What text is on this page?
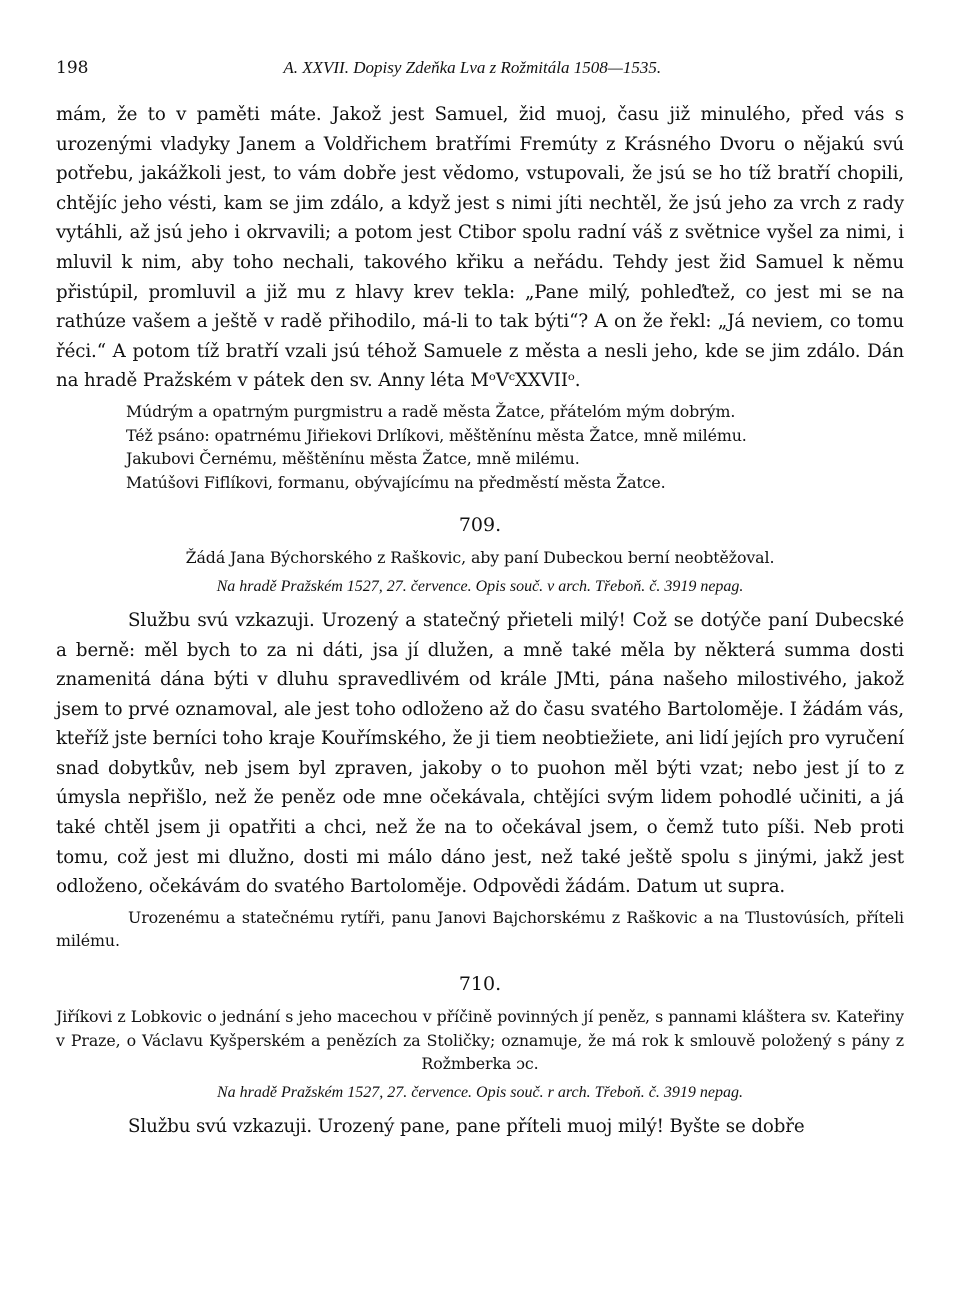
198	A. XXVII. Dopisy Zdeňka Lva z Rožmitála 1508—1535.

mám, že to v paměti máte. Jakož jest Samuel, žid muoj, času již minulého, před vás s urozenými vladyky Janem a Voldřichem bratřími Fremúty z Krásného Dvoru o nějakú svú potřebu, jakážkoli jest, to vám dobře jest vědomo, vstupovali, že jsú se ho tíž bratří chopili, chtějíc jeho vésti, kam se jim zdálo, a když jest s nimi jíti nechtěl, že jsú jeho za vrch z rady vytáhli, až jsú jeho i okrvavili; a potom jest Ctibor spolu radní váš z světnice vyšel za nimi, i mluvil k nim, aby toho nechali, takového křiku a neřádu. Tehdy jest žid Samuel k němu přistúpil, promluvil a již mu z hlavy krev tekla: „Pane milý, pohleďtež, co jest mi se na rathúze vašem a ještě v radě přihodilo, má-li to tak býti“? A on že řekl: „Já neviem, co tomu řéci.“ A potom tíž bratří vzali jsú téhož Samuele z města a nesli jeho, kde se jim zdálo. Dán na hradě Pražském v pátek den sv. Anny léta MᵒVᶜXXVIIᵒ.

Múdrým a opatrným purgmistru a radě města Žatce, přátelóm mým dobrým.

Též psáno: opatrnému Jiřiekovi Drlíkovi, měštěnínu města Žatce, mně milému.

Jakubovi Černému, měštěnínu města Žatce, mně milému.

Matúšovi Fiflíkovi, formanu, obývajícímu na předměstí města Žatce.

709.

Žádá Jana Býchorského z Raškovic, aby paní Dubeckou berní neobtěžoval.

Na hradě Pražském 1527, 27. července. Opis souč. v arch. Třeboň. č. 3919 nepag.

Službu svú vzkazuji. Urozený a statečný přieteli milý! Což se dotýče paní Dubecské a berně: měl bych to za ni dáti, jsa jí dlužen, a mně také měla by některá summa dosti znamenitá dána býti v dluhu spravedlivém od krále JMti, pána našeho milostivého, jakož jsem to prvé oznamoval, ale jest toho odloženo až do času svatého Bartoloměje. I žádám vás, kteříž jste berníci toho kraje Kouřímského, že ji tiem neobtiežiete, ani lidí jejích pro vyručení snad dobytkův, neb jsem byl zpraven, jakoby o to puohon měl býti vzat; nebo jest jí to z úmysla nepřišlo, než že peněz ode mne očekávala, chtějíci svým lidem pohodlé učiniti, a já také chtěl jsem ji opatřiti a chci, než že na to očekával jsem, o čemž tuto píši. Neb proti tomu, což jest mi dlužno, dosti mi málo dáno jest, než také ještě spolu s jinými, jakž jest odloženo, očekávám do svatého Bartoloměje. Odpovědi žádám. Datum ut supra.

Urozenému a statečnému rytíři, panu Janovi Bajchorskému z Raškovic a na Tlustovúsích, příteli milému.

710.

Jiříkovi z Lobkovic o jednání s jeho macechou v příčině povinných jí peněz, s pannami kláštera sv. Kateřiny v Praze, o Václavu Kyšperském a penězích za Stoličky; oznamuje, že má rok k smlouvě položený s pány z Rožmberka ɔc.

Na hradě Pražském 1527, 27. července. Opis souč. r arch. Třeboň. č. 3919 nepag.

Službu svú vzkazuji. Urozený pane, pane příteli muoj milý! Byšte se dobře
